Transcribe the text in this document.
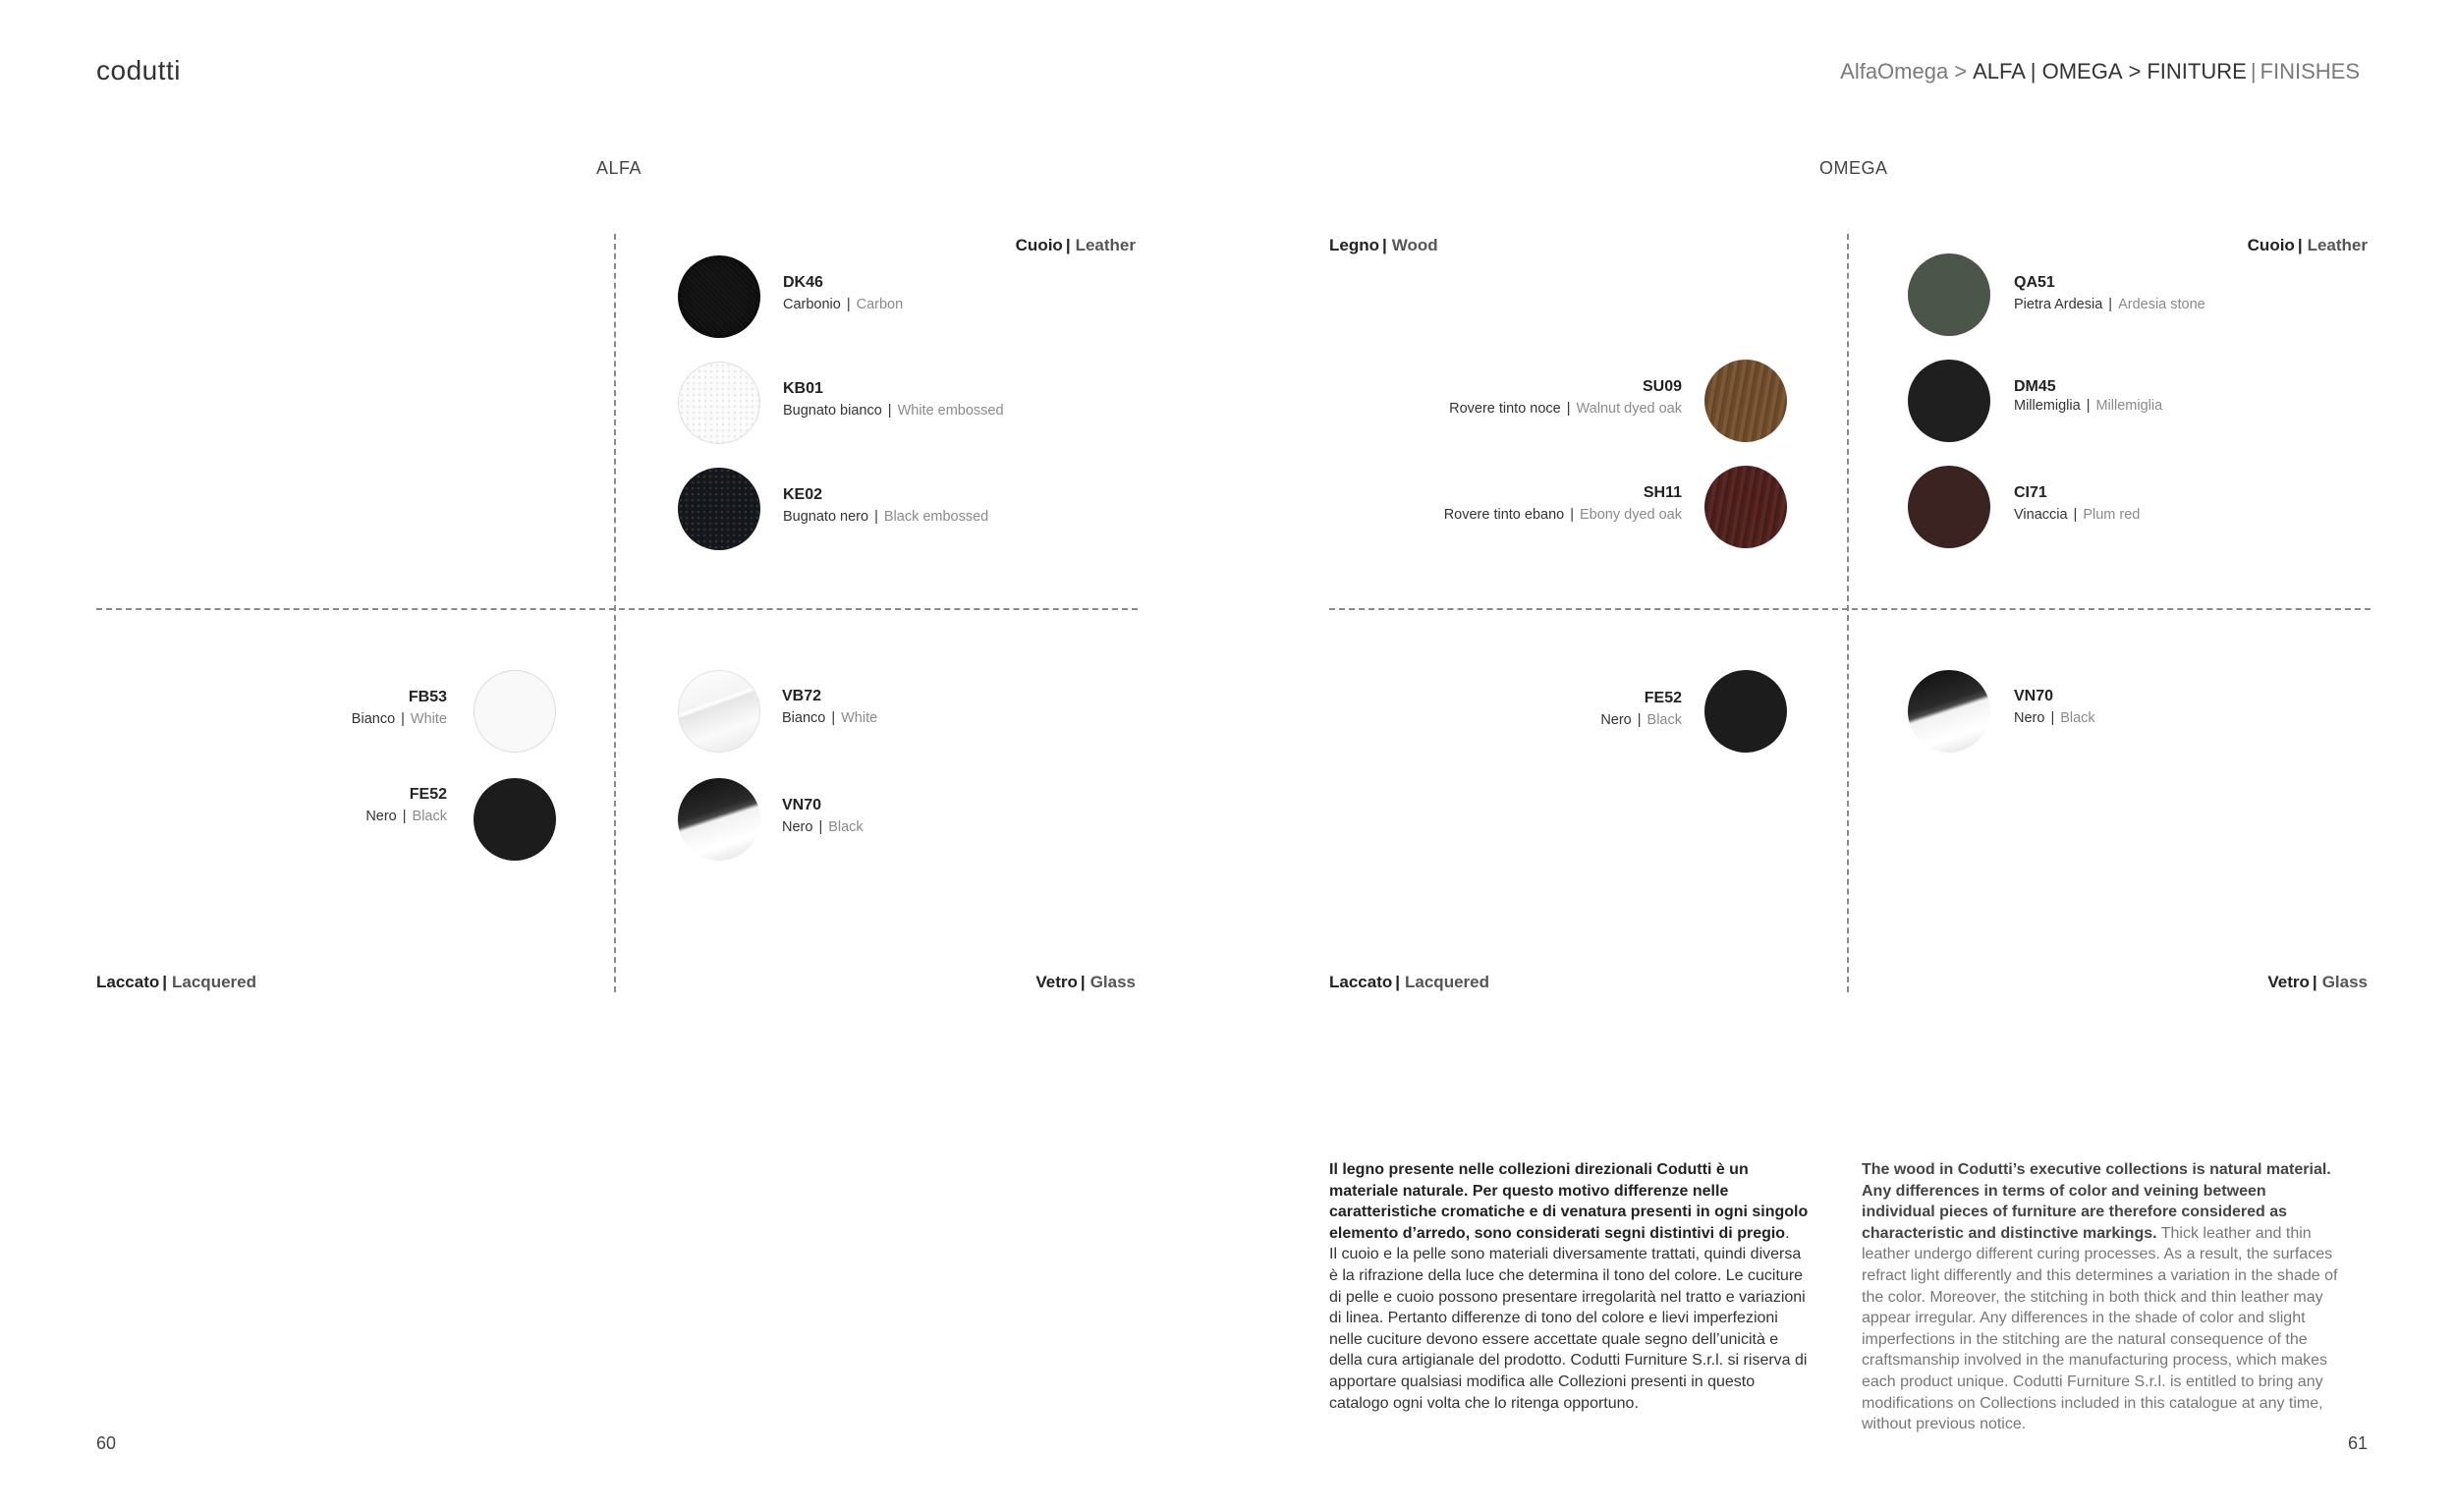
codutti	AlfaOmega > ALFA | OMEGA > FINITURE | FINISHES
ALFA
Cuoio | Leather
Laccato | Lacquered	Vetro | Glass
DK46
Carbonio | Carbon
KB01
Bugnato bianco | White embossed
KE02
Bugnato nero | Black embossed
FB53
Bianco | White
FE52
Nero | Black
VB72
Bianco | White
VN70
Nero | Black
60
OMEGA
Legno | Wood	Cuoio | Leather
Laccato | Lacquered	Vetro | Glass
SU09
Rovere tinto noce | Walnut dyed oak
SH11
Rovere tinto ebano | Ebony dyed oak
QA51
Pietra Ardesia | Ardesia stone
DM45
Millemiglia | Millemiglia
CI71
Vinaccia | Plum red
FE52
Nero | Black
VN70
Nero | Black
Il legno presente nelle collezioni direzionali Codutti è un materiale naturale. Per questo motivo differenze nelle caratteristiche cromatiche e di venatura presenti in ogni singolo elemento d’arredo, sono considerati segni distintivi di pregio.
Il cuoio e la pelle sono materiali diversamente trattati, quindi diversa è la rifrazione della luce che determina il tono del colore. Le cuciture di pelle e cuoio possono presentare irregolarità nel tratto e variazioni di linea. Pertanto differenze di tono del colore e lievi imperfezioni nelle cuciture devono essere accettate quale segno dell’unicità e della cura artigianale del prodotto. Codutti Furniture S.r.l. si riserva di apportare qualsiasi modifica alle Collezioni presenti in questo catalogo ogni volta che lo ritenga opportuno.
The wood in Codutti’s executive collections is natural material. Any differences in terms of color and veining between individual pieces of furniture are therefore considered as characteristic and distinctive markings. Thick leather and thin leather undergo different curing processes. As a result, the surfaces refract light differently and this determines a variation in the shade of the color. Moreover, the stitching in both thick and thin leather may appear irregular. Any differences in the shade of color and slight imperfections in the stitching are the natural consequence of the craftsmanship involved in the manufacturing process, which makes each product unique. Codutti Furniture S.r.l. is entitled to bring any modifications on Collections included in this catalogue at any time, without previous notice.
61
